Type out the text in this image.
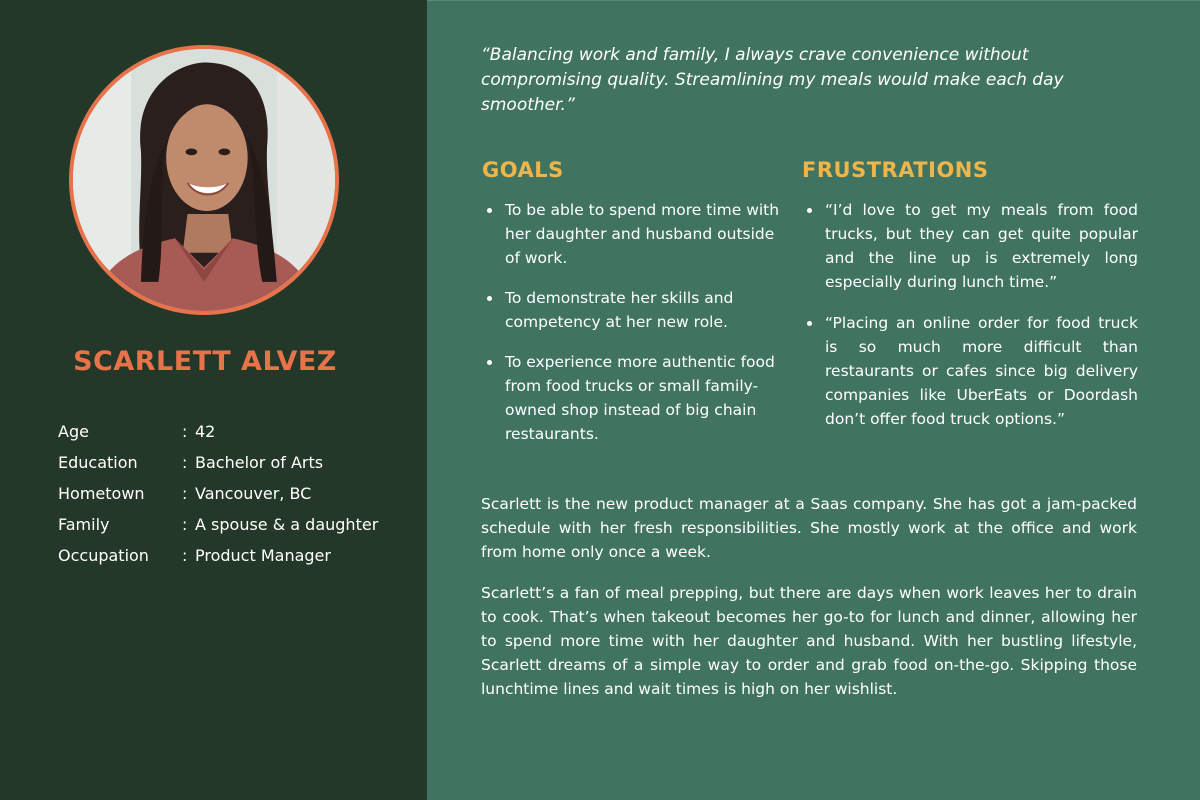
SCARLETT ALVEZ
Age	: 42
Education	: Bachelor of Arts
Hometown	: Vancouver, BC
Family	: A spouse & a daughter
Occupation	: Product Manager

“Balancing work and family, I always crave convenience without compromising quality. Streamlining my meals would make each day smoother.”

GOALS
To be able to spend more time with her daughter and husband outside of work.
To demonstrate her skills and competency at her new role.
To experience more authentic food from food trucks or small family-owned shop instead of big chain restaurants.
FRUSTRATIONS
“I’d love to get my meals from food trucks, but they can get quite popular and the line up is extremely long especially during lunch time.”
“Placing an online order for food truck is so much more difficult than restaurants or cafes since big delivery companies like UberEats or Doordash don’t offer food truck options.”

Scarlett is the new product manager at a Saas company. She has got a jam-packed schedule with her fresh responsibilities. She mostly work at the office and work from home only once a week.

Scarlett’s a fan of meal prepping, but there are days when work leaves her to drain to cook. That’s when takeout becomes her go-to for lunch and dinner, allowing her to spend more time with her daughter and husband. With her bustling lifestyle, Scarlett dreams of a simple way to order and grab food on-the-go. Skipping those lunchtime lines and wait times is high on her wishlist.
